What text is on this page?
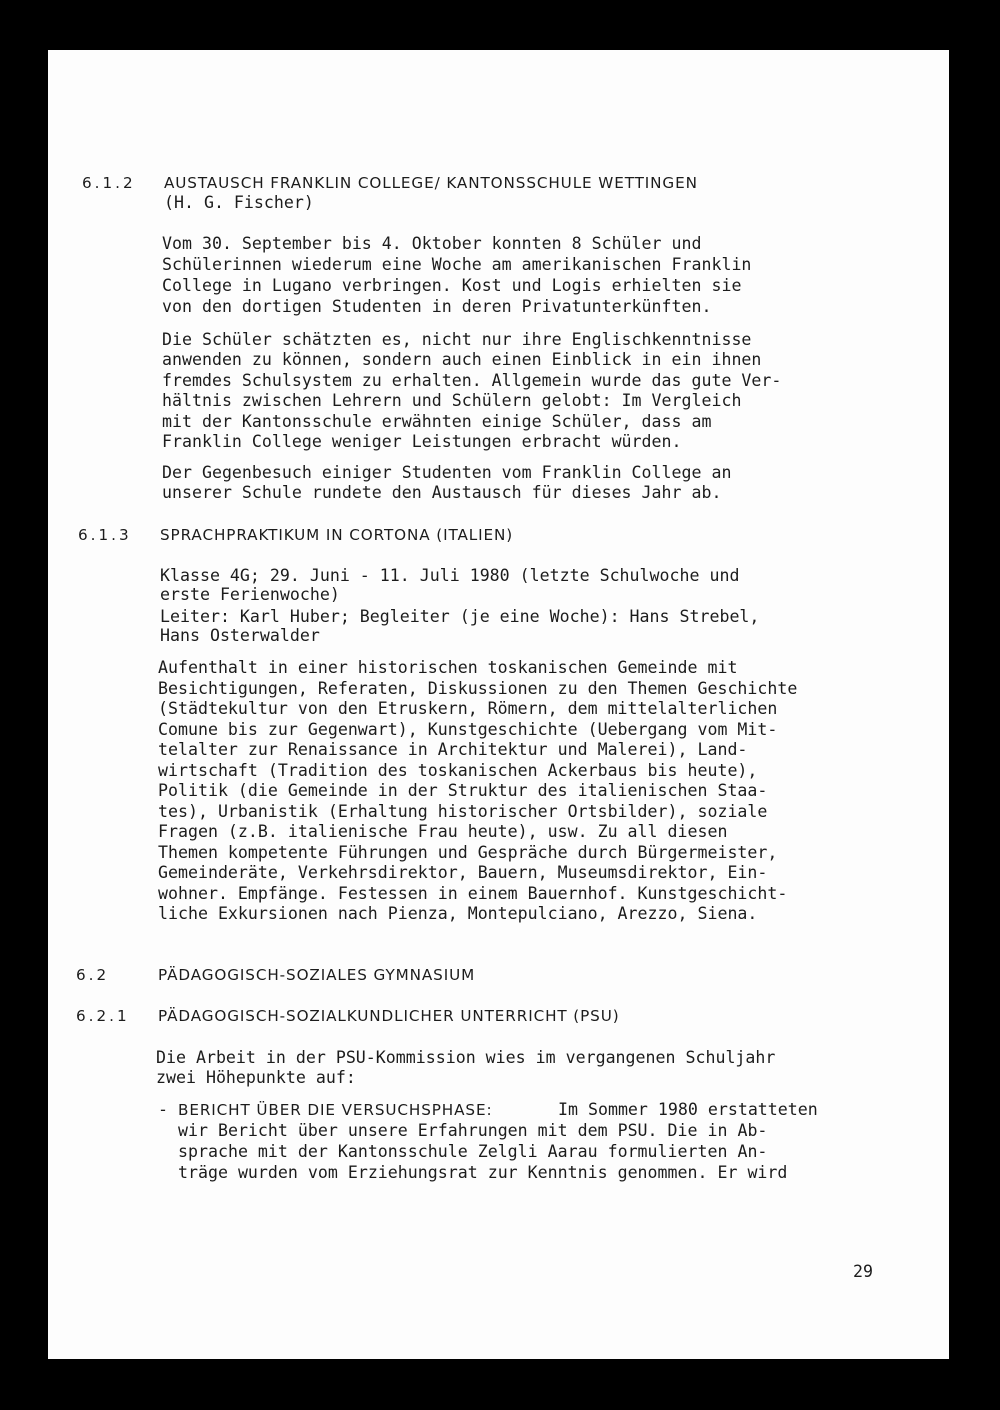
6.1.2 AUSTAUSCH FRANKLIN COLLEGE/ KANTONSSCHULE WETTINGEN
(H. G. Fischer)
Vom 30. September bis 4. Oktober konnten 8 Schüler und
Schülerinnen wiederum eine Woche am amerikanischen Franklin
College in Lugano verbringen. Kost und Logis erhielten sie
von den dortigen Studenten in deren Privatunterkünften.
Die Schüler schätzten es, nicht nur ihre Englischkenntnisse
anwenden zu können, sondern auch einen Einblick in ein ihnen
fremdes Schulsystem zu erhalten. Allgemein wurde das gute Ver-
hältnis zwischen Lehrern und Schülern gelobt: Im Vergleich
mit der Kantonsschule erwähnten einige Schüler, dass am
Franklin College weniger Leistungen erbracht würden.
Der Gegenbesuch einiger Studenten vom Franklin College an
unserer Schule rundete den Austausch für dieses Jahr ab.
6.1.3 SPRACHPRAKTIKUM IN CORTONA (ITALIEN)
Klasse 4G; 29. Juni - 11. Juli 1980 (letzte Schulwoche und
erste Ferienwoche)
Leiter: Karl Huber; Begleiter (je eine Woche): Hans Strebel,
Hans Osterwalder
Aufenthalt in einer historischen toskanischen Gemeinde mit
Besichtigungen, Referaten, Diskussionen zu den Themen Geschichte
(Städtekultur von den Etruskern, Römern, dem mittelalterlichen
Comune bis zur Gegenwart), Kunstgeschichte (Uebergang vom Mit-
telalter zur Renaissance in Architektur und Malerei), Land-
wirtschaft (Tradition des toskanischen Ackerbaus bis heute),
Politik (die Gemeinde in der Struktur des italienischen Staa-
tes), Urbanistik (Erhaltung historischer Ortsbilder), soziale
Fragen (z.B. italienische Frau heute), usw. Zu all diesen
Themen kompetente Führungen und Gespräche durch Bürgermeister,
Gemeinderäte, Verkehrsdirektor, Bauern, Museumsdirektor, Ein-
wohner. Empfänge. Festessen in einem Bauernhof. Kunstgeschicht-
liche Exkursionen nach Pienza, Montepulciano, Arezzo, Siena.
6.2	PÄDAGOGISCH-SOZIALES GYMNASIUM
6.2.1 PÄDAGOGISCH-SOZIALKUNDLICHER UNTERRICHT (PSU)
Die Arbeit in der PSU-Kommission wies im vergangenen Schuljahr
zwei Höhepunkte auf:
- BERICHT ÜBER DIE VERSUCHSPHASE:	Im Sommer 1980 erstatteten
wir Bericht über unsere Erfahrungen mit dem PSU. Die in Ab-
sprache mit der Kantonsschule Zelgli Aarau formulierten An-
träge wurden vom Erziehungsrat zur Kenntnis genommen. Er wird
29
